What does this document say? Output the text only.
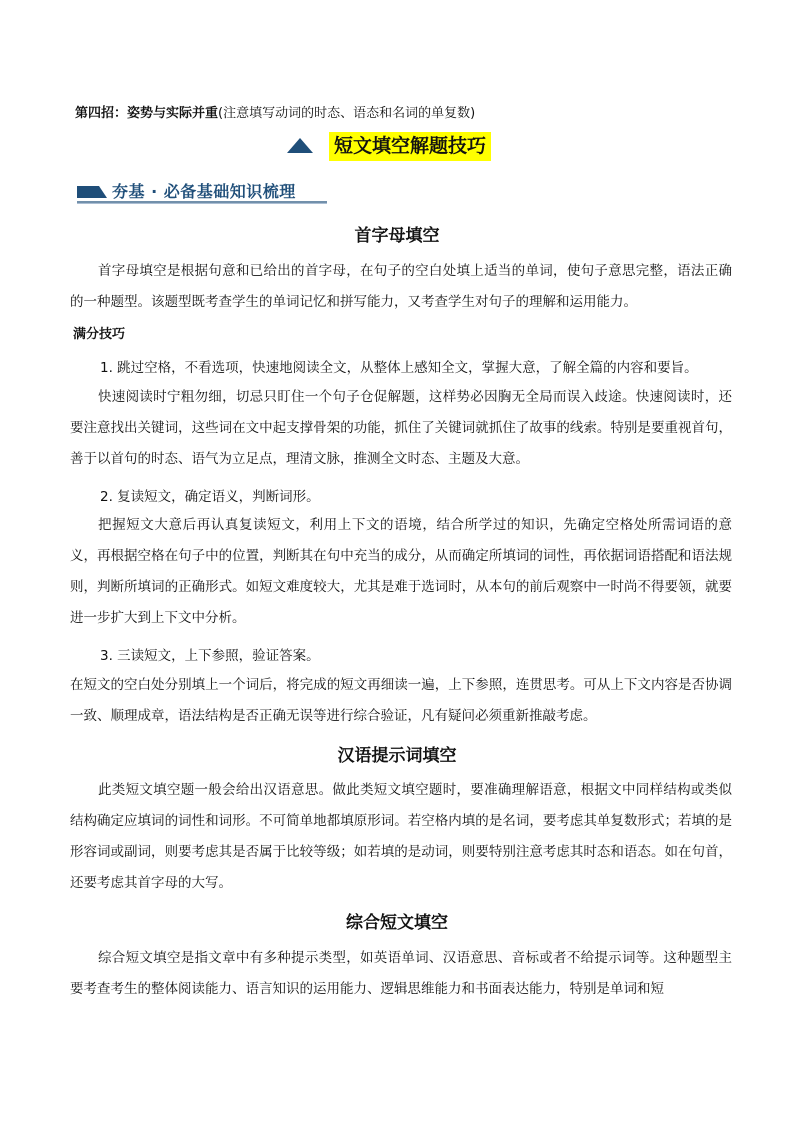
第四招：姿势与实际并重(注意填写动词的时态、语态和名词的单复数)
短文填空解题技巧
夯基 · 必备基础知识梳理
首字母填空
首字母填空是根据句意和已给出的首字母，在句子的空白处填上适当的单词，使句子意思完整，语法正确的一种题型。该题型既考查学生的单词记忆和拼写能力，又考查学生对句子的理解和运用能力。
满分技巧
1. 跳过空格，不看选项，快速地阅读全文，从整体上感知全文，掌握大意，了解全篇的内容和要旨。
快速阅读时宁粗勿细，切忌只盯住一个句子仓促解题，这样势必因胸无全局而误入歧途。快速阅读时，还要注意找出关键词，这些词在文中起支撑骨架的功能，抓住了关键词就抓住了故事的线索。特别是要重视首句，善于以首句的时态、语气为立足点，理清文脉，推测全文时态、主题及大意。
2. 复读短文，确定语义，判断词形。
把握短文大意后再认真复读短文，利用上下文的语境，结合所学过的知识，先确定空格处所需词语的意义，再根据空格在句子中的位置，判断其在句中充当的成分，从而确定所填词的词性，再依据词语搭配和语法规则，判断所填词的正确形式。如短文难度较大，尤其是难于选词时，从本句的前后观察中一时尚不得要领，就要进一步扩大到上下文中分析。
3. 三读短文，上下参照，验证答案。
在短文的空白处分别填上一个词后，将完成的短文再细读一遍，上下参照，连贯思考。可从上下文内容是否协调一致、顺理成章，语法结构是否正确无误等进行综合验证，凡有疑问必须重新推敲考虑。
汉语提示词填空
此类短文填空题一般会给出汉语意思。做此类短文填空题时，要准确理解语意，根据文中同样结构或类似结构确定应填词的词性和词形。不可简单地都填原形词。若空格内填的是名词，要考虑其单复数形式；若填的是形容词或副词，则要考虑其是否属于比较等级；如若填的是动词，则要特别注意考虑其时态和语态。如在句首，还要考虑其首字母的大写。
综合短文填空
综合短文填空是指文章中有多种提示类型，如英语单词、汉语意思、音标或者不给提示词等。这种题型主要考查考生的整体阅读能力、语言知识的运用能力、逻辑思维能力和书面表达能力，特别是单词和短
